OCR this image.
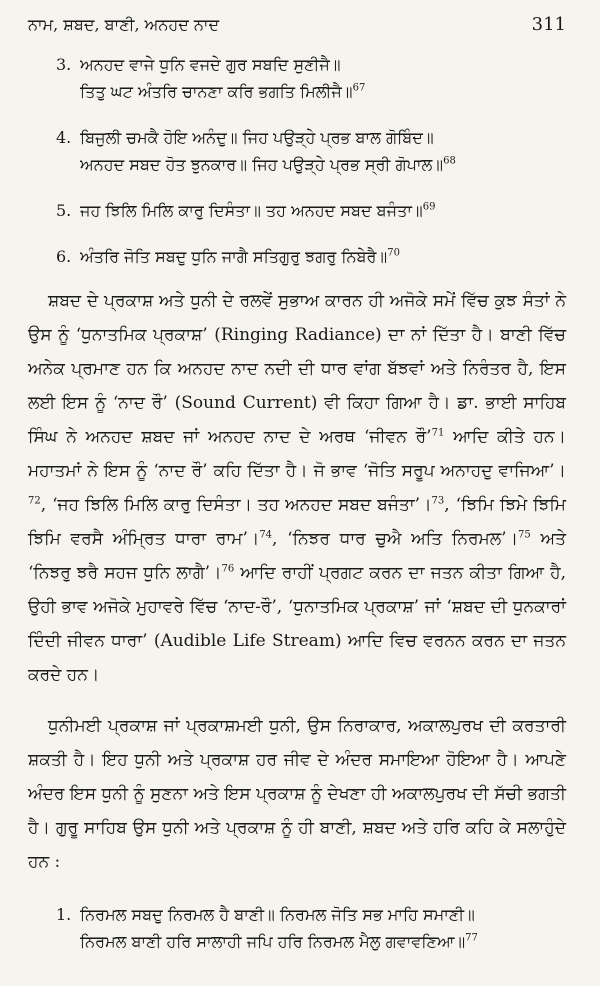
ਨਾਮ, ਸ਼ਬਦ, ਬਾਣੀ, ਅਨਹਦ ਨਾਦ	311
3. ਅਨਹਦ ਵਾਜੇ ਧੁਨਿ ਵਜਦੇ ਗੁਰ ਸਬਦਿ ਸੁਣੀਜੈ॥
ਤਿਤੁ ਘਟ ਅੰਤਰਿ ਚਾਨਣਾ ਕਰਿ ਭਗਤਿ ਮਿਲੀਜੈ॥$^{67}$
4. ਬਿਜੁਲੀ ਚਮਕੈ ਹੋਇ ਅਨੰਦੁ॥ ਜਿਹ ਪਉੜ੍ਹੇ ਪ੍ਰਭ ਬਾਲ ਗੋਬਿੰਦ॥
ਅਨਹਦ ਸਬਦ ਹੋਤ ਝੁਨਕਾਰ॥ ਜਿਹ ਪਉੜ੍ਹੇ ਪ੍ਰਭ ਸ੍ਰੀ ਗੋਪਾਲ॥$^{68}$
5. ਜਹ ਝਿਲਿ ਮਿਲਿ ਕਾਰੁ ਦਿਸੰਤਾ॥ ਤਹ ਅਨਹਦ ਸਬਦ ਬਜੰਤਾ॥$^{69}$
6. ਅੰਤਰਿ ਜੋਤਿ ਸਬਦੁ ਧੁਨਿ ਜਾਗੈ ਸਤਿਗੁਰੁ ਝਗਰੁ ਨਿਬੇਰੈ॥$^{70}$

ਸ਼ਬਦ ਦੇ ਪ੍ਰਕਾਸ਼ ਅਤੇ ਧੁਨੀ ਦੇ ਰਲਵੇਂ ਸੁਭਾਅ ਕਾਰਨ ਹੀ ਅਜੋਕੇ ਸਮੇਂ ਵਿੱਚ ਕੁਝ ਸੰਤਾਂ ਨੇ ਉਸ ਨੂੰ ‘ਧੁਨਾਤਮਿਕ ਪ੍ਰਕਾਸ਼’ (Ringing Radiance) ਦਾ ਨਾਂ ਦਿੱਤਾ ਹੈ। ਬਾਣੀ ਵਿੱਚ ਅਨੇਕ ਪ੍ਰਮਾਣ ਹਨ ਕਿ ਅਨਹਦ ਨਾਦ ਨਦੀ ਦੀ ਧਾਰ ਵਾਂਗ ਬੱਝਵਾਂ ਅਤੇ ਨਿਰੰਤਰ ਹੈ, ਇਸ ਲਈ ਇਸ ਨੂੰ ‘ਨਾਦ ਰੌ’ (Sound Current) ਵੀ ਕਿਹਾ ਗਿਆ ਹੈ। ਡਾ. ਭਾਈ ਸਾਹਿਬ ਸਿੰਘ ਨੇ ਅਨਹਦ ਸ਼ਬਦ ਜਾਂ ਅਨਹਦ ਨਾਦ ਦੇ ਅਰਥ ‘ਜੀਵਨ ਰੌ’$^{71}$ ਆਦਿ ਕੀਤੇ ਹਨ। ਮਹਾਤਮਾਂ ਨੇ ਇਸ ਨੂੰ ‘ਨਾਦ ਰੌ’ ਕਹਿ ਦਿੱਤਾ ਹੈ। ਜੋ ਭਾਵ ‘ਜੋਤਿ ਸਰੂਪ ਅਨਾਹਦੁ ਵਾਜਿਆ’।$^{72}$, ‘ਜਹ ਝਿਲਿ ਮਿਲਿ ਕਾਰੁ ਦਿਸੰਤਾ। ਤਹ ਅਨਹਦ ਸਬਦ ਬਜੰਤਾ’।$^{73}$, ‘ਝਿਮਿ ਝਿਮੇ ਝਿਮਿ ਝਿਮਿ ਵਰਸੈ ਅੰਮ੍ਰਿਤ ਧਾਰਾ ਰਾਮ’।$^{74}$, ‘ਨਿਝਰ ਧਾਰ ਚੁਐ ਅਤਿ ਨਿਰਮਲ’।$^{75}$ ਅਤੇ ‘ਨਿਝਰੁ ਝਰੈ ਸਹਜ ਧੁਨਿ ਲਾਗੈ’।$^{76}$ ਆਦਿ ਰਾਹੀਂ ਪ੍ਰਗਟ ਕਰਨ ਦਾ ਜਤਨ ਕੀਤਾ ਗਿਆ ਹੈ, ਉਹੀ ਭਾਵ ਅਜੋਕੇ ਮੁਹਾਵਰੇ ਵਿੱਚ ‘ਨਾਦ-ਰੌ’, ‘ਧੁਨਾਤਮਿਕ ਪ੍ਰਕਾਸ਼’ ਜਾਂ ‘ਸ਼ਬਦ ਦੀ ਧੁਨਕਾਰਾਂ ਦਿੰਦੀ ਜੀਵਨ ਧਾਰਾ’ (Audible Life Stream) ਆਦਿ ਵਿਚ ਵਰਨਨ ਕਰਨ ਦਾ ਜਤਨ ਕਰਦੇ ਹਨ।

ਧੁਨੀਮਈ ਪ੍ਰਕਾਸ਼ ਜਾਂ ਪ੍ਰਕਾਸ਼ਮਈ ਧੁਨੀ, ਉਸ ਨਿਰਾਕਾਰ, ਅਕਾਲਪੁਰਖ ਦੀ ਕਰਤਾਰੀ ਸ਼ਕਤੀ ਹੈ। ਇਹ ਧੁਨੀ ਅਤੇ ਪ੍ਰਕਾਸ਼ ਹਰ ਜੀਵ ਦੇ ਅੰਦਰ ਸਮਾਇਆ ਹੋਇਆ ਹੈ। ਆਪਣੇ ਅੰਦਰ ਇਸ ਧੁਨੀ ਨੂੰ ਸੁਣਨਾ ਅਤੇ ਇਸ ਪ੍ਰਕਾਸ਼ ਨੂੰ ਦੇਖਣਾ ਹੀ ਅਕਾਲਪੁਰਖ ਦੀ ਸੱਚੀ ਭਗਤੀ ਹੈ। ਗੁਰੂ ਸਾਹਿਬ ਉਸ ਧੁਨੀ ਅਤੇ ਪ੍ਰਕਾਸ਼ ਨੂੰ ਹੀ ਬਾਣੀ, ਸ਼ਬਦ ਅਤੇ ਹਰਿ ਕਹਿ ਕੇ ਸਲਾਹੁੰਦੇ ਹਨ :

1. ਨਿਰਮਲ ਸਬਦੁ ਨਿਰਮਲ ਹੈ ਬਾਣੀ॥ ਨਿਰਮਲ ਜੋਤਿ ਸਭ ਮਾਹਿ ਸਮਾਣੀ॥
ਨਿਰਮਲ ਬਾਣੀ ਹਰਿ ਸਾਲਾਹੀ ਜਪਿ ਹਰਿ ਨਿਰਮਲ ਮੈਲੁ ਗਵਾਵਣਿਆ॥$^{77}$
